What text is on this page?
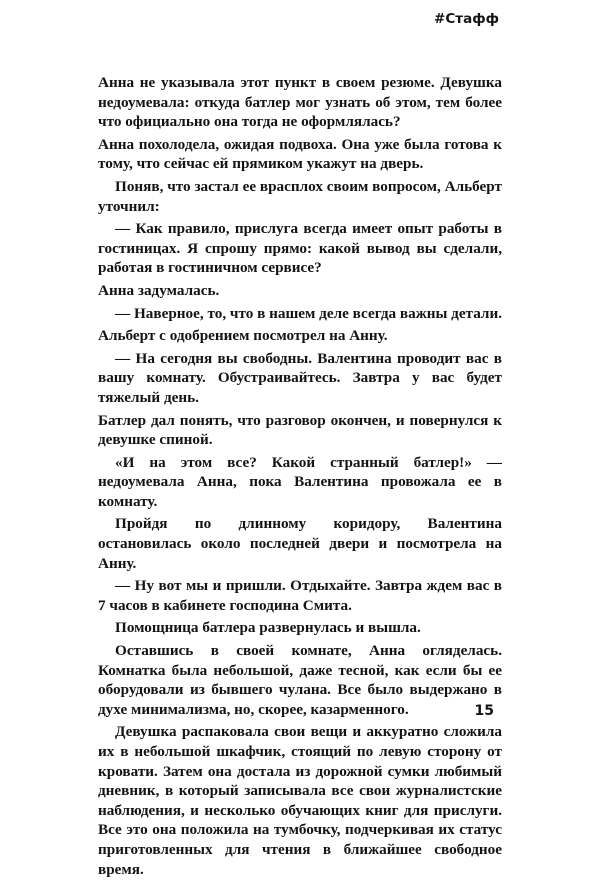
#Стафф

Анна не указывала этот пункт в своем резюме. Девушка недоумевала: откуда батлер мог узнать об этом, тем более что официально она тогда не оформлялась?

Анна похолодела, ожидая подвоха. Она уже была готова к тому, что сейчас ей прямиком укажут на дверь.

Поняв, что застал ее врасплох своим вопросом, Альберт уточнил:

— Как правило, прислуга всегда имеет опыт работы в гостиницах. Я спрошу прямо: какой вывод вы сделали, работая в гостиничном сервисе?

Анна задумалась.

— Наверное, то, что в нашем деле всегда важны детали.

Альберт с одобрением посмотрел на Анну.

— На сегодня вы свободны. Валентина проводит вас в вашу комнату. Обустраивайтесь. Завтра у вас будет тяжелый день.

Батлер дал понять, что разговор окончен, и повернулся к девушке спиной.

«И на этом все? Какой странный батлер!» — недоумевала Анна, пока Валентина провожала ее в комнату.

Пройдя по длинному коридору, Валентина остановилась около последней двери и посмотрела на Анну.

— Ну вот мы и пришли. Отдыхайте. Завтра ждем вас в 7 часов в кабинете господина Смита.

Помощница батлера развернулась и вышла.

Оставшись в своей комнате, Анна огляделась. Комнатка была небольшой, даже тесной, как если бы ее оборудовали из бывшего чулана. Все было выдержано в духе минимализма, но, скорее, казарменного.

Девушка распаковала свои вещи и аккуратно сложила их в небольшой шкафчик, стоящий по левую сторону от кровати. Затем она достала из дорожной сумки любимый дневник, в который записывала все свои журналистские наблюдения, и несколько обучающих книг для прислуги. Все это она положила на тумбочку, подчеркивая их статус приготовленных для чтения в ближайшее свободное время.

15
